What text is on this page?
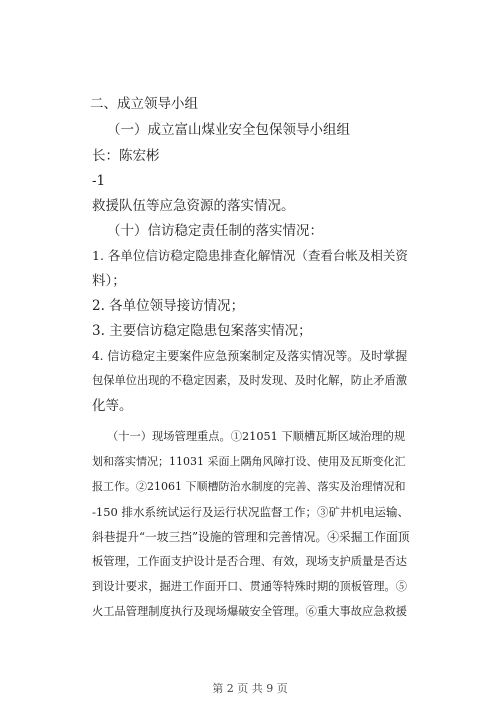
二、成立领导小组
（一）成立富山煤业安全包保领导小组组
长：陈宏彬
-1
救援队伍等应急资源的落实情况。
（十）信访稳定责任制的落实情况：
1. 各单位信访稳定隐患排查化解情况（查看台帐及相关资
料）；
2. 各单位领导接访情况；
3. 主要信访稳定隐患包案落实情况；
4. 信访稳定主要案件应急预案制定及落实情况等。及时掌握
包保单位出现的不稳定因素，及时发现、及时化解，防止矛盾激
化等。
（十一）现场管理重点。①21051 下顺槽瓦斯区域治理的规
划和落实情况；11031 采面上隅角风障打设、使用及瓦斯变化汇
报工作。②21061 下顺槽防治水制度的完善、落实及治理情况和
-150 排水系统试运行及运行状况监督工作；③矿井机电运输、
斜巷提升“一坡三挡”设施的管理和完善情况。④采掘工作面顶
板管理，工作面支护设计是否合理、有效，现场支护质量是否达
到设计要求，掘进工作面开口、贯通等特殊时期的顶板管理。⑤
火工品管理制度执行及现场爆破安全管理。⑥重大事故应急救援
第 2 页 共 9 页
